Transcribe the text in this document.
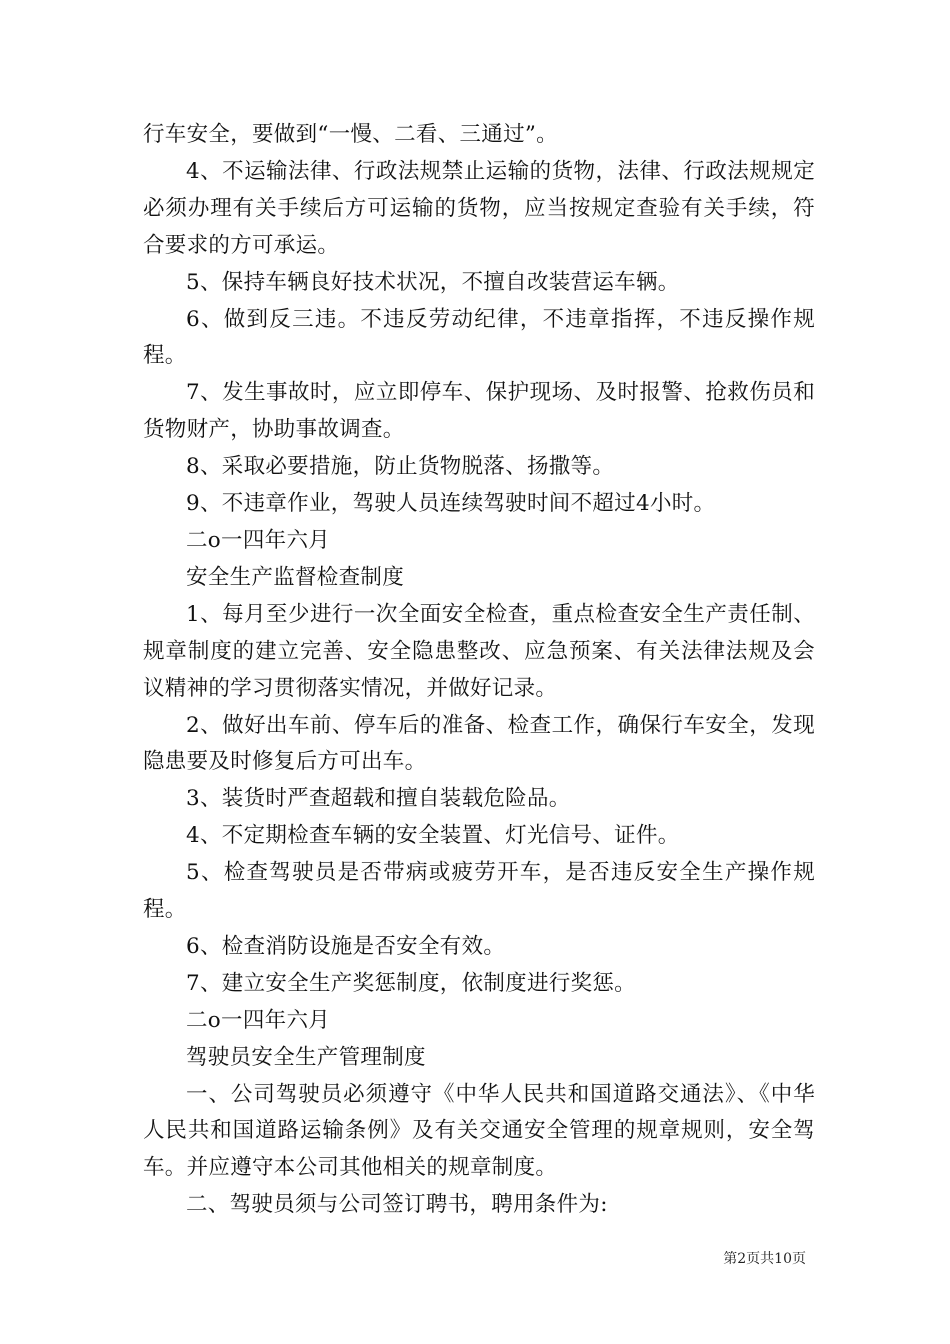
行车安全，要做到“一慢、二看、三通过”。

4、不运输法律、行政法规禁止运输的货物，法律、行政法规规定必须办理有关手续后方可运输的货物，应当按规定查验有关手续，符合要求的方可承运。

5、保持车辆良好技术状况，不擅自改装营运车辆。

6、做到反三违。不违反劳动纪律，不违章指挥，不违反操作规程。

7、发生事故时，应立即停车、保护现场、及时报警、抢救伤员和货物财产，协助事故调查。

8、采取必要措施，防止货物脱落、扬撒等。

9、不违章作业，驾驶人员连续驾驶时间不超过4小时。

二o一四年六月

安全生产监督检查制度

1、每月至少进行一次全面安全检查，重点检查安全生产责任制、规章制度的建立完善、安全隐患整改、应急预案、有关法律法规及会议精神的学习贯彻落实情况，并做好记录。

2、做好出车前、停车后的准备、检查工作，确保行车安全，发现隐患要及时修复后方可出车。

3、装货时严查超载和擅自装载危险品。

4、不定期检查车辆的安全装置、灯光信号、证件。

5、检查驾驶员是否带病或疲劳开车，是否违反安全生产操作规程。

6、检查消防设施是否安全有效。

7、建立安全生产奖惩制度，依制度进行奖惩。

二o一四年六月

驾驶员安全生产管理制度

一、公司驾驶员必须遵守《中华人民共和国道路交通法》、《中华人民共和国道路运输条例》及有关交通安全管理的规章规则，安全驾车。并应遵守本公司其他相关的规章制度。

二、驾驶员须与公司签订聘书，聘用条件为:

第2页共10页
